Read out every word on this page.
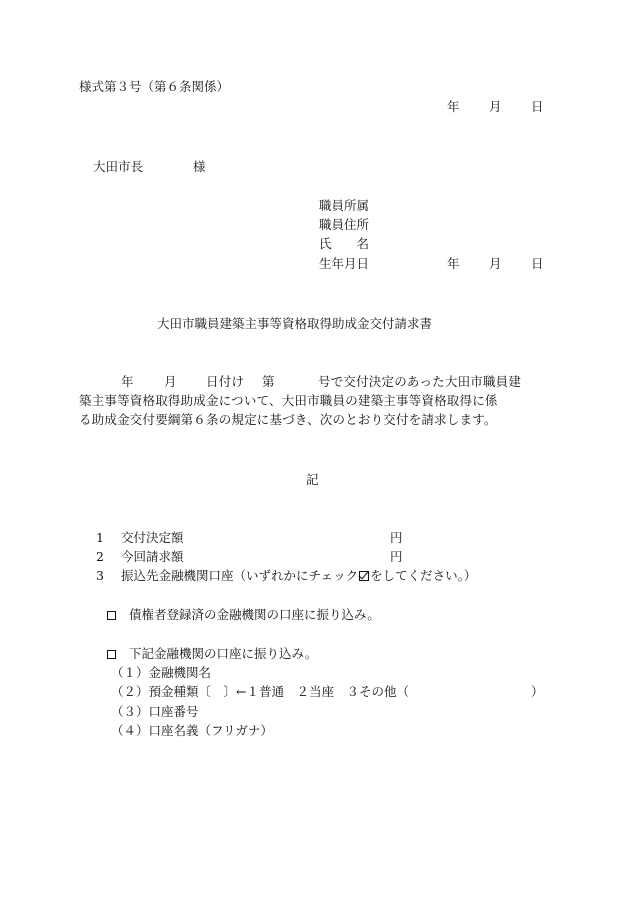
様式第３号（第６条関係）
年 月 日
大田市長	様
職員所属
職員住所
氏　　名
生年月日	年 月 日
大田市職員建築主事等資格取得助成金交付請求書
年 月 日付け 第	号で交付決定のあった大田市職員建
築主事等資格取得助成金について、大田市職員の建築主事等資格取得に係
る助成金交付要綱第６条の規定に基づき、次のとおり交付を請求します。
記
1 交付決定額	円
2 今回請求額	円
3 振込先金融機関口座（いずれかにチェック をしてください。）
債権者登録済の金融機関の口座に振り込み。
下記金融機関の口座に振り込み。
（１）金融機関名
（２）預金種類〔　〕←１普通　２当座　３その他（	）
（３）口座番号
（４）口座名義（フリガナ）
